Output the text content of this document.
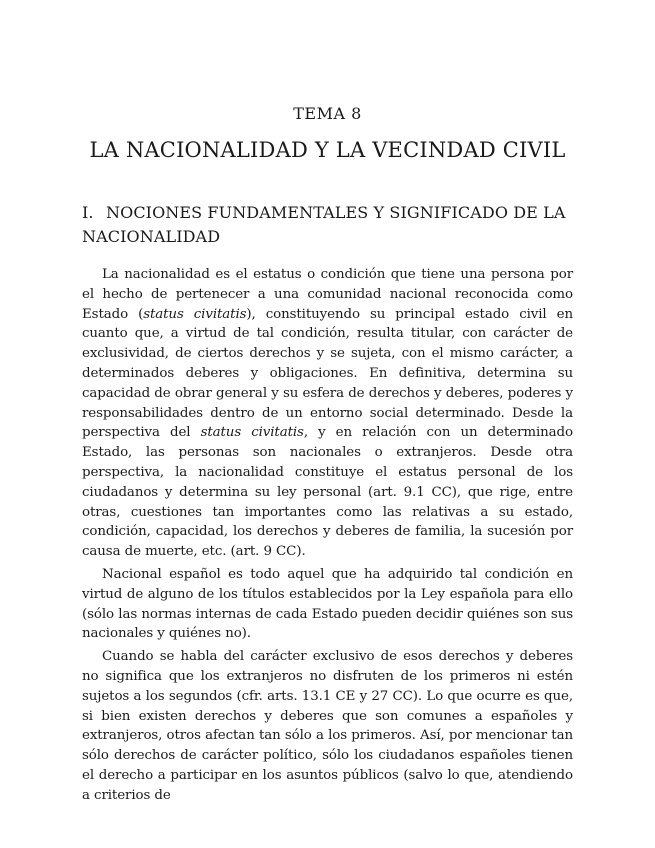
TEMA 8
LA NACIONALIDAD Y LA VECINDAD CIVIL
I. NOCIONES FUNDAMENTALES Y SIGNIFICADO DE LA NACIONALIDAD

La nacionalidad es el estatus o condición que tiene una persona por el hecho de pertenecer a una comunidad nacional reconocida como Estado (status civitatis), constituyendo su principal estado civil en cuanto que, a virtud de tal condición, resulta titular, con carácter de exclusividad, de ciertos derechos y se sujeta, con el mismo carácter, a determinados deberes y obligaciones. En definitiva, determina su capacidad de obrar general y su esfera de derechos y deberes, poderes y responsabilidades dentro de un entorno social determinado. Desde la perspectiva del status civitatis, y en relación con un determinado Estado, las personas son nacionales o extranjeros. Desde otra perspectiva, la nacionalidad constituye el estatus personal de los ciudadanos y determina su ley personal (art. 9.1 CC), que rige, entre otras, cuestiones tan importantes como las relativas a su estado, condición, capacidad, los derechos y deberes de familia, la sucesión por causa de muerte, etc. (art. 9 CC).

Nacional español es todo aquel que ha adquirido tal condición en virtud de alguno de los títulos establecidos por la Ley española para ello (sólo las normas internas de cada Estado pueden decidir quiénes son sus nacionales y quiénes no).

Cuando se habla del carácter exclusivo de esos derechos y deberes no significa que los extranjeros no disfruten de los primeros ni estén sujetos a los segundos (cfr. arts. 13.1 CE y 27 CC). Lo que ocurre es que, si bien existen derechos y deberes que son comunes a españoles y extranjeros, otros afectan tan sólo a los primeros. Así, por mencionar tan sólo derechos de carácter político, sólo los ciudadanos españoles tienen el derecho a participar en los asuntos públicos (salvo lo que, atendiendo a criterios de
